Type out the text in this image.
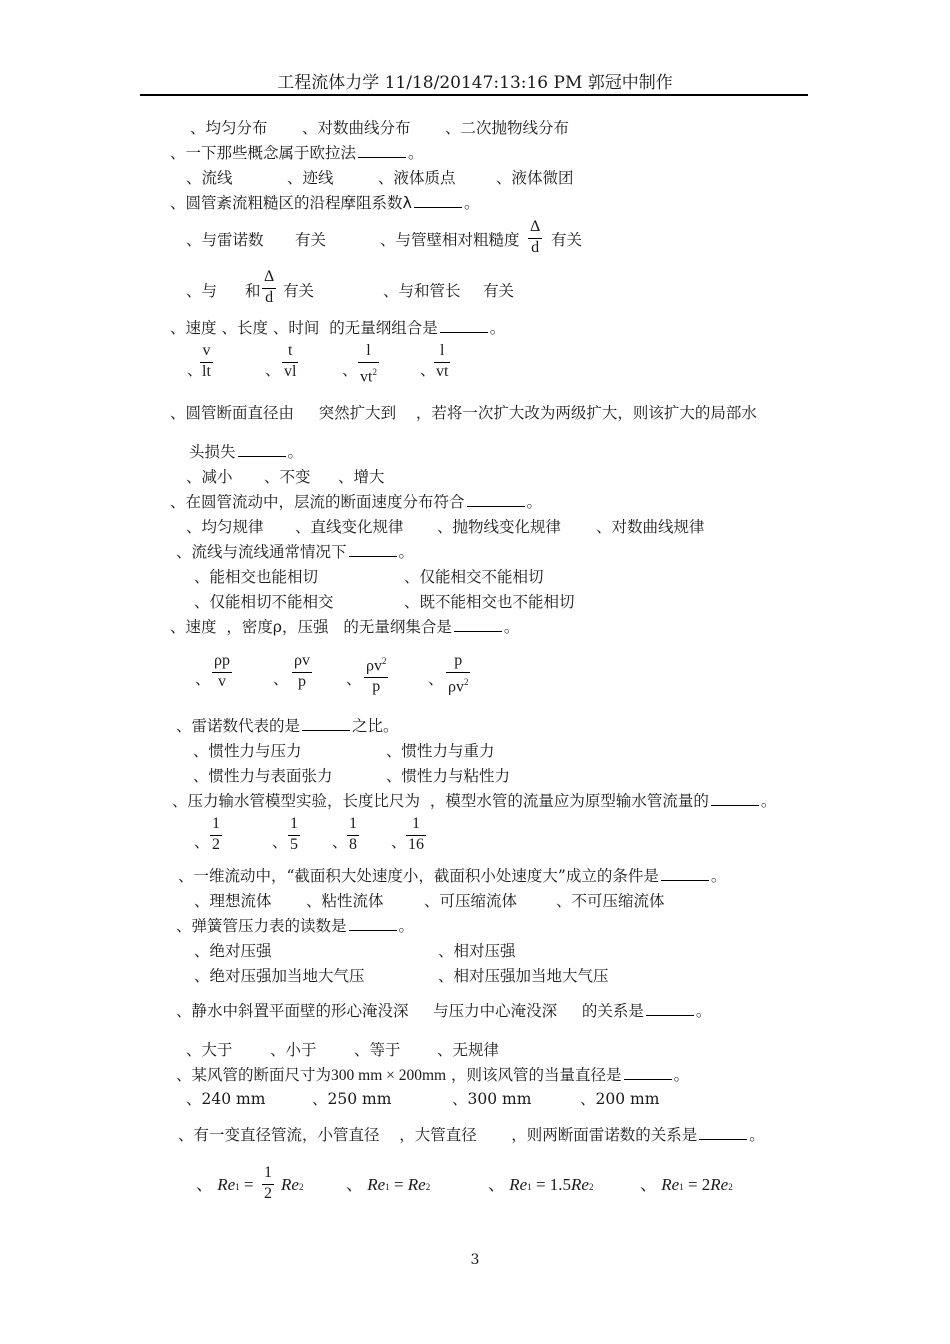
工程流体力学 11/18/20147:13:16 PM 郭冠中制作
、均匀分布 、对数曲线分布 、二次抛物线分布
、一下那些概念属于欧拉法	。
、流线	、迹线	、液体质点	、液体微团
、圆管紊流粗糙区的沿程摩阻系数λ	。
、与雷诺数 有关	、与管壁相对粗糙度 $\frac{\Delta}{d}$ 有关
、与 和 $\frac{\Delta}{d}$ 有关	、与和管长 有关
、速度 、长度 、时间 的无量纲组合是	。
、
$\frac{v}{lt}$	、 $\frac{t}{vl}$	、 $\frac{l}{vt^2}$	、
$\frac{l}{vt}$
、圆管断面直径由 突然扩大到 ，若将一次扩大改为两级扩大，则该扩大的局部水
头损失	。
、减小 、不变 、增大
、在圆管流动中，层流的断面速度分布符合	。
、均匀规律 、直线变化规律 、抛物线变化规律 、对数曲线规律
、流线与流线通常情况下	。
、能相交也能相切	、仅能相交不能相切
、仅能相切不能相交	、既不能相交也不能相切
、速度 ，密度ρ，压强 的无量纲集合是	。
、 $\frac{\rho p}{v}$	、 $\frac{\rho v}{p}$ 、 $\frac{\rho v^2}{p}$	、 $\frac{p}{\rho v^2}$
、雷诺数代表的是	之比。
、惯性力与压力	、惯性力与重力
、惯性力与表面张力	、惯性力与粘性力
、压力输水管模型实验，长度比尺为 ，模型水管的流量应为原型输水管流量的	。
、 $\frac{1}{2}$	、 $\frac{1}{5}$ 、 $\frac{1}{8}$ 、 $\frac{1}{16}$
、一维流动中，“截面积大处速度小，截面积小处速度大”成立的条件是	。
、理想流体 、粘性流体	、可压缩流体	、不可压缩流体
、弹簧管压力表的读数是	。
、绝对压强	、相对压强
、绝对压强加当地大气压	、相对压强加当地大气压
、静水中斜置平面壁的形心淹没深 与压力中心淹没深 的关系是	。
、大于 、小于 、等于 、无规律
、某风管的断面尺寸为300 mm × 200mm ，则该风管的当量直径是	。
、240 mm	、250 mm	、300 mm	、200 mm
、有一变直径管流，小管直径 ，大管直径 ，则两断面雷诺数的关系是	。
、 $Re1 = \frac{1}{2} Re2$	、 Re1 = Re2	、 Re1 = 1.5Re2	、 Re1 = 2Re2
3
